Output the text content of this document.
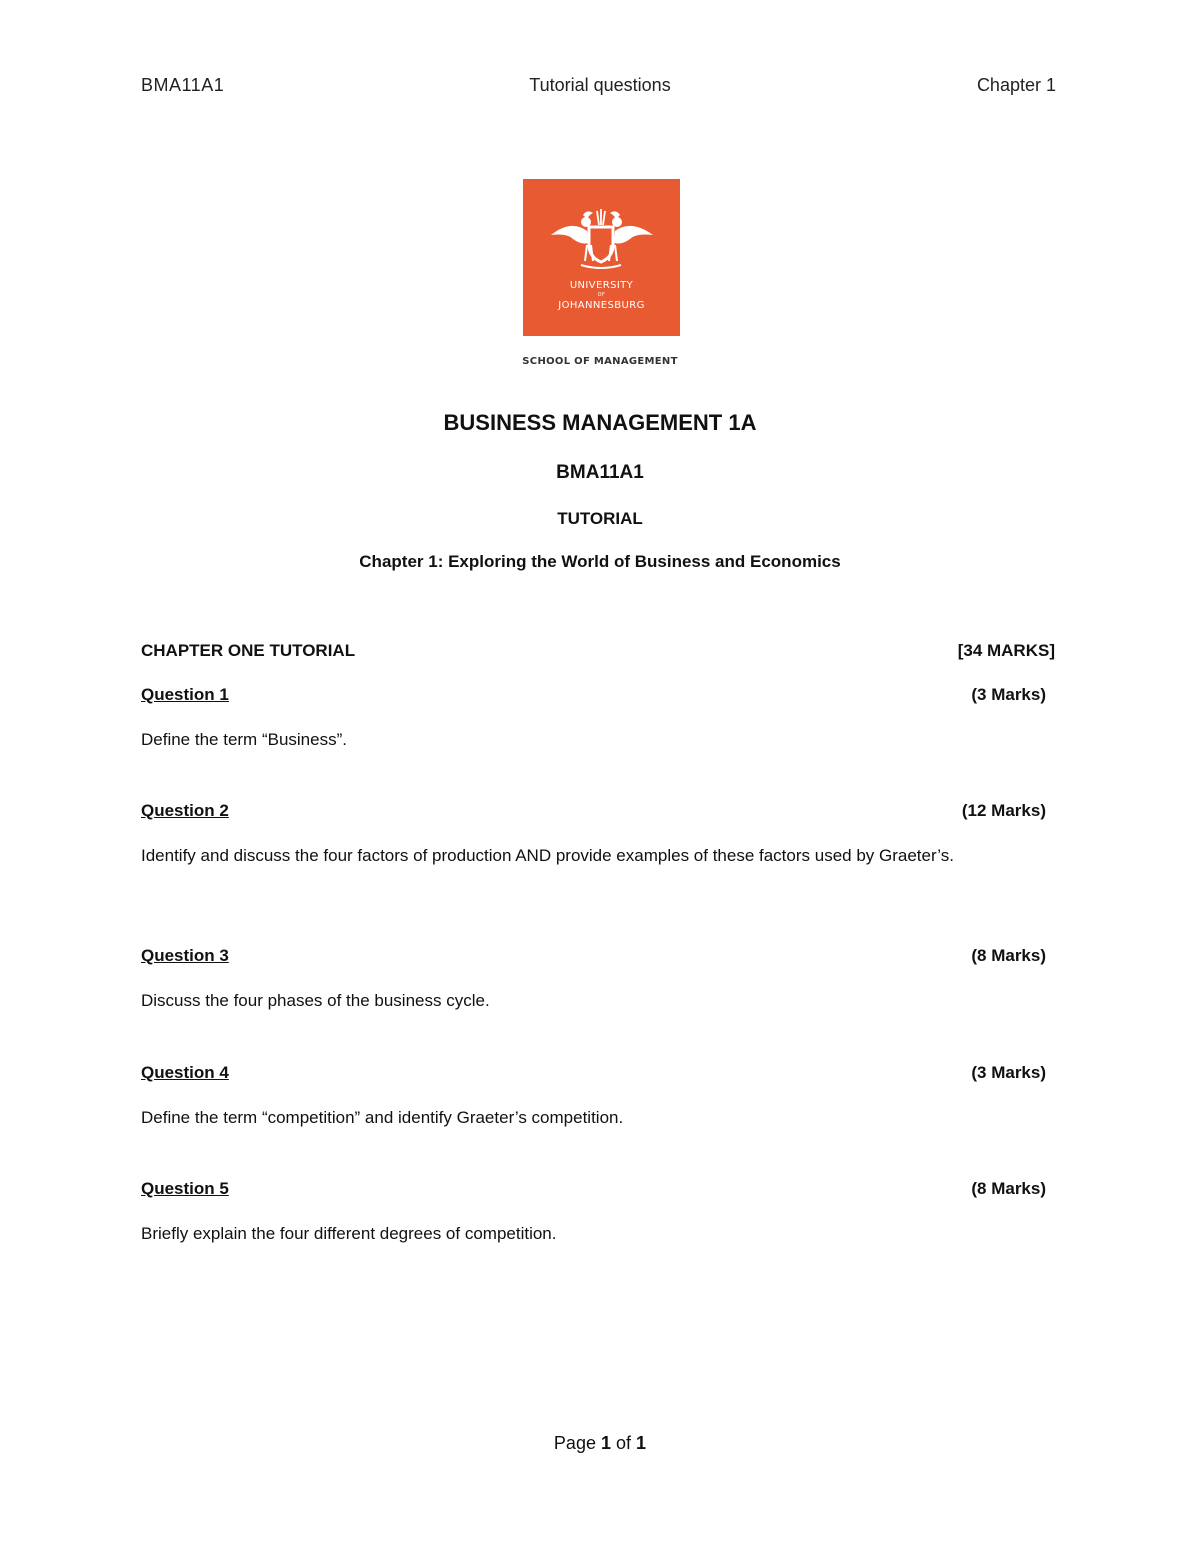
BMA11A1	Tutorial questions	Chapter 1
UNIVERSITY
OF
JOHANNESBURG
SCHOOL OF MANAGEMENT
BUSINESS MANAGEMENT 1A
BMA11A1
TUTORIAL
Chapter 1: Exploring the World of Business and Economics
CHAPTER ONE TUTORIAL	[34 MARKS]
Question 1	(3 Marks)
Define the term “Business”.
Question 2	(12 Marks)
Identify and discuss the four factors of production AND provide examples of these factors used by Graeter’s.
Question 3	(8 Marks)
Discuss the four phases of the business cycle.
Question 4	(3 Marks)
Define the term “competition” and identify Graeter’s competition.
Question 5	(8 Marks)
Briefly explain the four different degrees of competition.
Page 1 of 1
